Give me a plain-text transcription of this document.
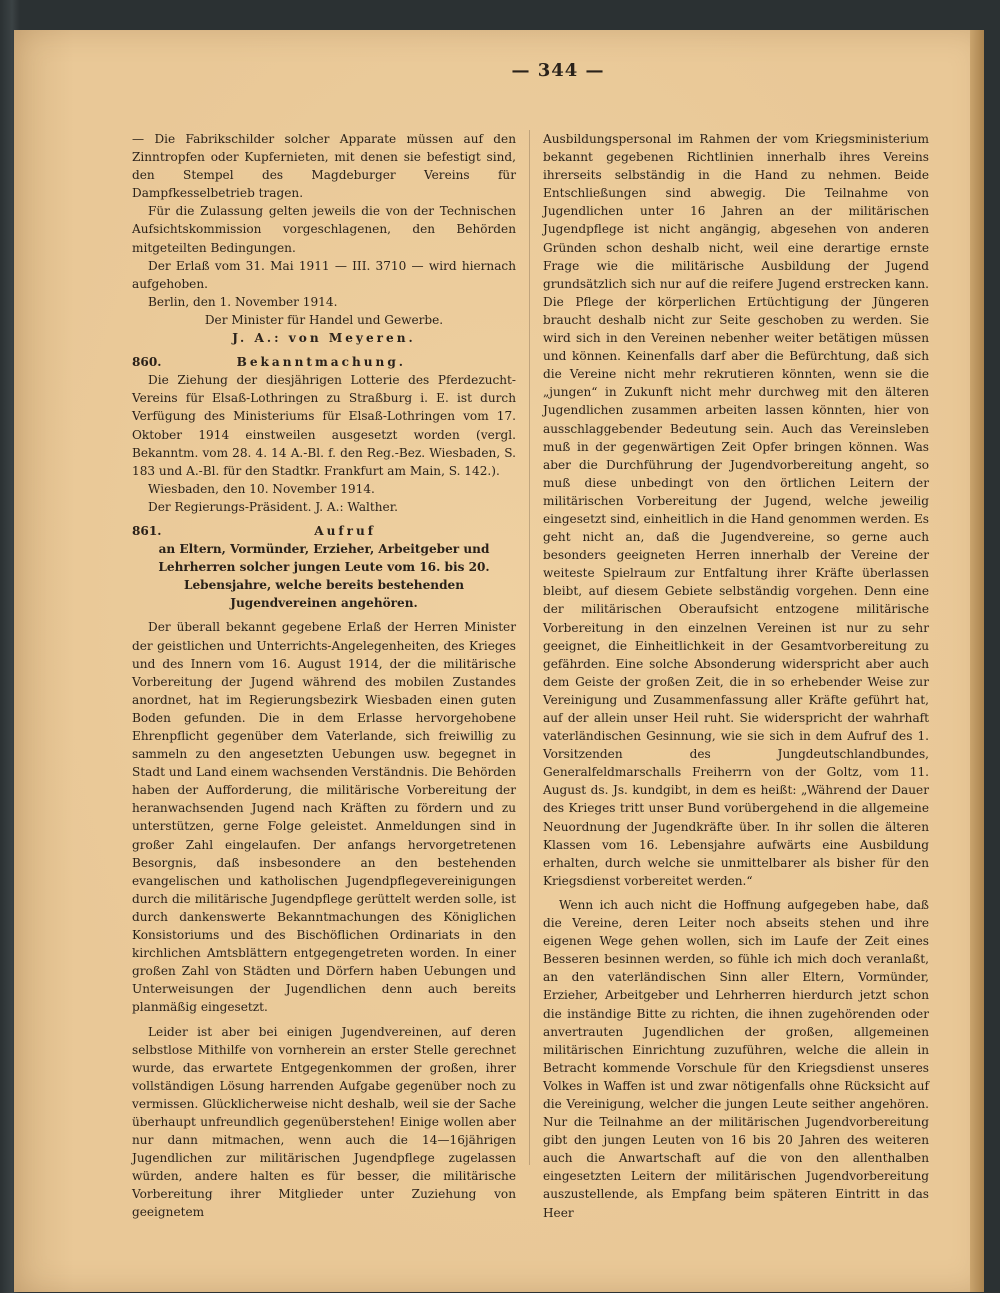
— 344 —

— Die Fabrikschilder solcher Apparate müssen auf den Zinntropfen oder Kupfernieten, mit denen sie befestigt sind, den Stempel des Magdeburger Vereins für Dampfkesselbetrieb tragen.

Für die Zulassung gelten jeweils die von der Technischen Aufsichtskommission vorgeschlagenen, den Behörden mitgeteilten Bedingungen.

Der Erlaß vom 31. Mai 1911 — III. 3710 — wird hiernach aufgehoben.

Berlin, den 1. November 1914.

Der Minister für Handel und Gewerbe.

J. A.: von Meyeren.

860.	Bekanntmachung.

Die Ziehung der diesjährigen Lotterie des Pferdezucht-Vereins für Elsaß-Lothringen zu Straßburg i. E. ist durch Verfügung des Ministeriums für Elsaß-Lothringen vom 17. Oktober 1914 einstweilen ausgesetzt worden (vergl. Bekanntm. vom 28. 4. 14 A.-Bl. f. den Reg.-Bez. Wiesbaden, S. 183 und A.-Bl. für den Stadtkr. Frankfurt am Main, S. 142.).

Wiesbaden, den 10. November 1914.

Der Regierungs-Präsident. J. A.: Walther.

861.	Aufruf

an Eltern, Vormünder, Erzieher, Arbeitgeber und Lehrherren solcher jungen Leute vom 16. bis 20. Lebensjahre, welche bereits bestehenden Jugendvereinen angehören.

Der überall bekannt gegebene Erlaß der Herren Minister der geistlichen und Unterrichts-Angelegenheiten, des Krieges und des Innern vom 16. August 1914, der die militärische Vorbereitung der Jugend während des mobilen Zustandes anordnet, hat im Regierungsbezirk Wiesbaden einen guten Boden gefunden. Die in dem Erlasse hervorgehobene Ehrenpflicht gegenüber dem Vaterlande, sich freiwillig zu sammeln zu den angesetzten Uebungen usw. begegnet in Stadt und Land einem wachsenden Verständnis. Die Behörden haben der Aufforderung, die militärische Vorbereitung der heranwachsenden Jugend nach Kräften zu fördern und zu unterstützen, gerne Folge geleistet. Anmeldungen sind in großer Zahl eingelaufen. Der anfangs hervorgetretenen Besorgnis, daß insbesondere an den bestehenden evangelischen und katholischen Jugendpflegevereinigungen durch die militärische Jugendpflege gerüttelt werden solle, ist durch dankenswerte Bekanntmachungen des Königlichen Konsistoriums und des Bischöflichen Ordinariats in den kirchlichen Amtsblättern entgegengetreten worden. In einer großen Zahl von Städten und Dörfern haben Uebungen und Unterweisungen der Jugendlichen denn auch bereits planmäßig eingesetzt.

Leider ist aber bei einigen Jugendvereinen, auf deren selbstlose Mithilfe von vornherein an erster Stelle gerechnet wurde, das erwartete Entgegenkommen der großen, ihrer vollständigen Lösung harrenden Aufgabe gegenüber noch zu vermissen. Glücklicherweise nicht deshalb, weil sie der Sache überhaupt unfreundlich gegenüberstehen! Einige wollen aber nur dann mitmachen, wenn auch die 14—16jährigen Jugendlichen zur militärischen Jugendpflege zugelassen würden, andere halten es für besser, die militärische Vorbereitung ihrer Mitglieder unter Zuziehung von geeignetem

Ausbildungspersonal im Rahmen der vom Kriegsministerium bekannt gegebenen Richtlinien innerhalb ihres Vereins ihrerseits selbständig in die Hand zu nehmen. Beide Entschließungen sind abwegig. Die Teilnahme von Jugendlichen unter 16 Jahren an der militärischen Jugendpflege ist nicht angängig, abgesehen von anderen Gründen schon deshalb nicht, weil eine derartige ernste Frage wie die militärische Ausbildung der Jugend grundsätzlich sich nur auf die reifere Jugend erstrecken kann. Die Pflege der körperlichen Ertüchtigung der Jüngeren braucht deshalb nicht zur Seite geschoben zu werden. Sie wird sich in den Vereinen nebenher weiter betätigen müssen und können. Keinenfalls darf aber die Befürchtung, daß sich die Vereine nicht mehr rekrutieren könnten, wenn sie die „jungen“ in Zukunft nicht mehr durchweg mit den älteren Jugendlichen zusammen arbeiten lassen könnten, hier von ausschlaggebender Bedeutung sein. Auch das Vereinsleben muß in der gegenwärtigen Zeit Opfer bringen können. Was aber die Durchführung der Jugendvorbereitung angeht, so muß diese unbedingt von den örtlichen Leitern der militärischen Vorbereitung der Jugend, welche jeweilig eingesetzt sind, einheitlich in die Hand genommen werden. Es geht nicht an, daß die Jugendvereine, so gerne auch besonders geeigneten Herren innerhalb der Vereine der weiteste Spielraum zur Entfaltung ihrer Kräfte überlassen bleibt, auf diesem Gebiete selbständig vorgehen. Denn eine der militärischen Oberaufsicht entzogene militärische Vorbereitung in den einzelnen Vereinen ist nur zu sehr geeignet, die Einheitlichkeit in der Gesamtvorbereitung zu gefährden. Eine solche Absonderung widerspricht aber auch dem Geiste der großen Zeit, die in so erhebender Weise zur Vereinigung und Zusammenfassung aller Kräfte geführt hat, auf der allein unser Heil ruht. Sie widerspricht der wahrhaft vaterländischen Gesinnung, wie sie sich in dem Aufruf des 1. Vorsitzenden des Jungdeutschlandbundes, Generalfeldmarschalls Freiherrn von der Goltz, vom 11. August ds. Js. kundgibt, in dem es heißt: „Während der Dauer des Krieges tritt unser Bund vorübergehend in die allgemeine Neuordnung der Jugendkräfte über. In ihr sollen die älteren Klassen vom 16. Lebensjahre aufwärts eine Ausbildung erhalten, durch welche sie unmittelbarer als bisher für den Kriegsdienst vorbereitet werden.“

Wenn ich auch nicht die Hoffnung aufgegeben habe, daß die Vereine, deren Leiter noch abseits stehen und ihre eigenen Wege gehen wollen, sich im Laufe der Zeit eines Besseren besinnen werden, so fühle ich mich doch veranlaßt, an den vaterländischen Sinn aller Eltern, Vormünder, Erzieher, Arbeitgeber und Lehrherren hierdurch jetzt schon die inständige Bitte zu richten, die ihnen zugehörenden oder anvertrauten Jugendlichen der großen, allgemeinen militärischen Einrichtung zuzuführen, welche die allein in Betracht kommende Vorschule für den Kriegsdienst unseres Volkes in Waffen ist und zwar nötigenfalls ohne Rücksicht auf die Vereinigung, welcher die jungen Leute seither angehören. Nur die Teilnahme an der militärischen Jugendvorbereitung gibt den jungen Leuten von 16 bis 20 Jahren des weiteren auch die Anwartschaft auf die von den allenthalben eingesetzten Leitern der militärischen Jugendvorbereitung auszustellende, als Empfang beim späteren Eintritt in das Heer
